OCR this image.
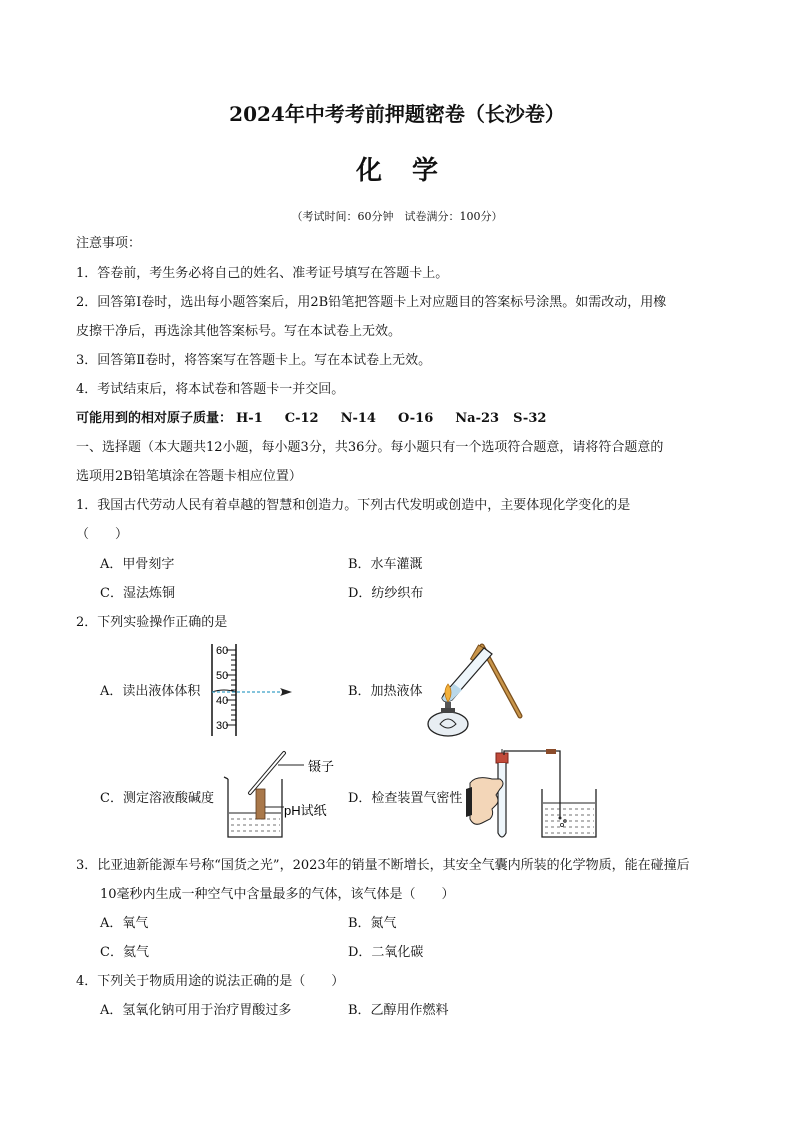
2024年中考考前押题密卷（长沙卷）
化学
（考试时间：60分钟　试卷满分：100分）
注意事项：
1．答卷前，考生务必将自己的姓名、准考证号填写在答题卡上。
2．回答第Ⅰ卷时，选出每小题答案后，用2B铅笔把答题卡上对应题目的答案标号涂黑。如需改动，用橡
皮擦干净后，再选涂其他答案标号。写在本试卷上无效。
3．回答第Ⅱ卷时，将答案写在答题卡上。写在本试卷上无效。
4．考试结束后，将本试卷和答题卡一并交回。
可能用到的相对原子质量： H-1 C-12 N-14 O-16 Na-23 S-32
一、选择题（本大题共12小题，每小题3分，共36分。每小题只有一个选项符合题意，请将符合题意的
选项用2B铅笔填涂在答题卡相应位置）
1．我国古代劳动人民有着卓越的智慧和创造力。下列古代发明或创造中，主要体现化学变化的是
（　　）
A．甲骨刻字	B．水车灌溉
C．湿法炼铜	D．纺纱织布
2．下列实验操作正确的是
A．读出液体体积	B．加热液体
C．测定溶液酸碱度	D．检查装置气密性
60
50
40
30
镊子
pH试纸
3．比亚迪新能源车号称“国货之光”，2023年的销量不断增长，其安全气囊内所装的化学物质，能在碰撞后
10毫秒内生成一种空气中含量最多的气体，该气体是（　　）
A．氧气	B．氮气
C．氦气	D．二氧化碳
4．下列关于物质用途的说法正确的是（　　）
A．氢氧化钠可用于治疗胃酸过多	B．乙醇用作燃料
